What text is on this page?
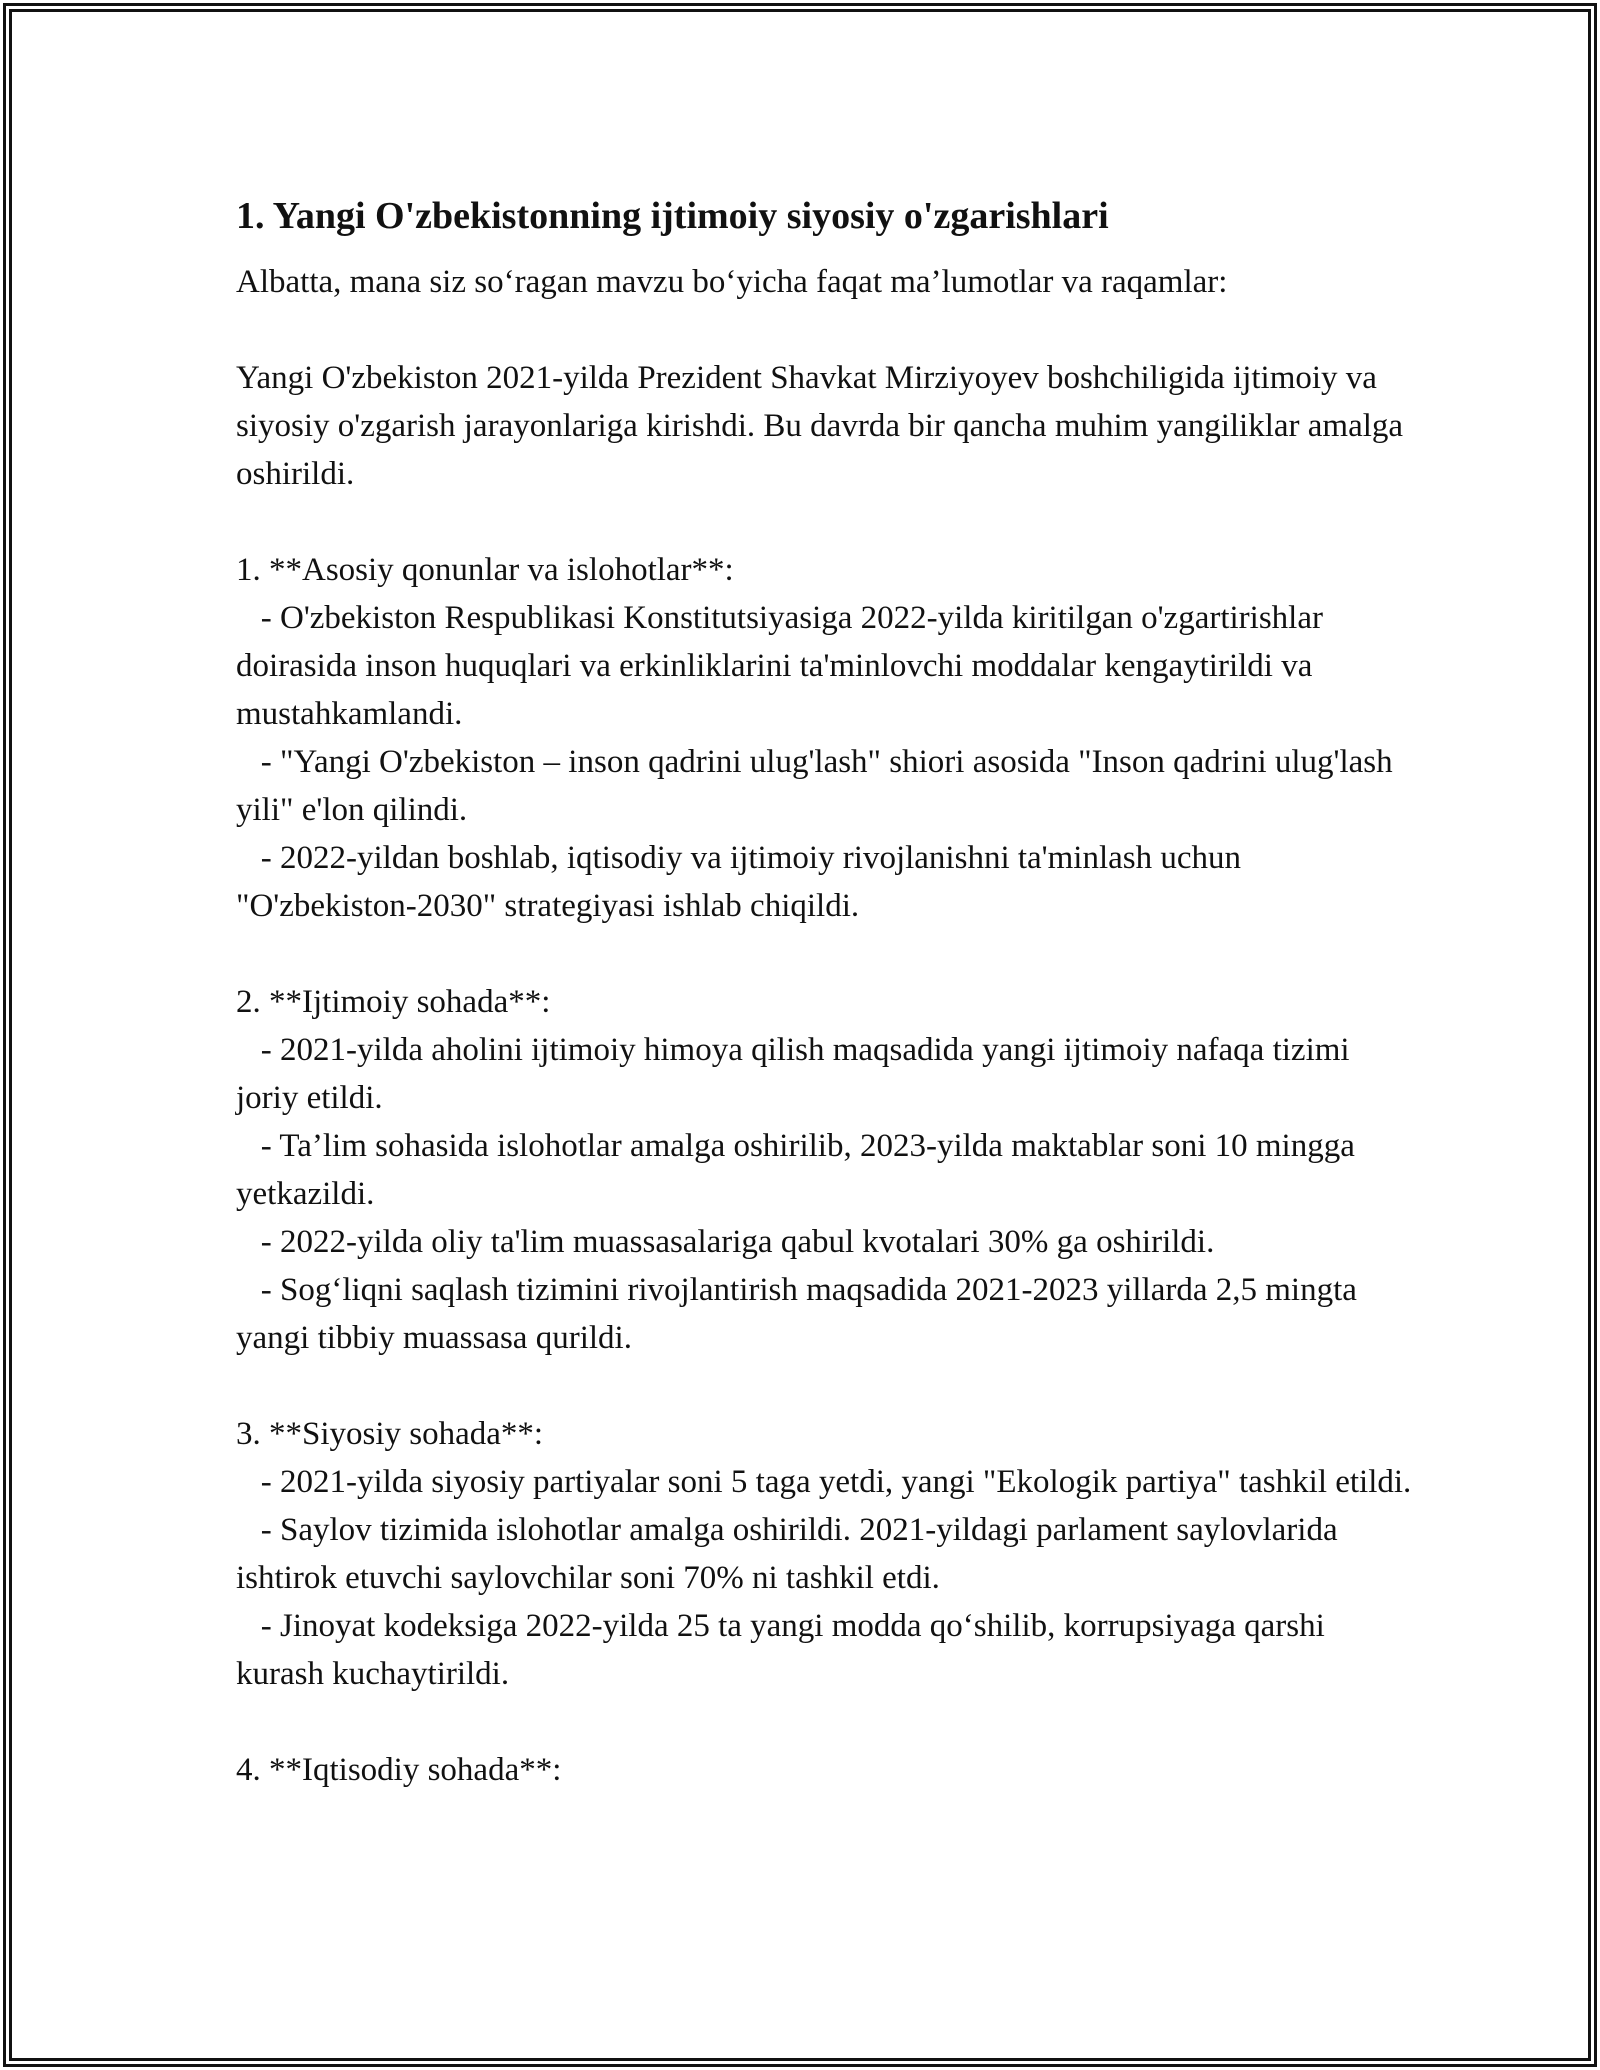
1. Yangi O'zbekistonning ijtimoiy siyosiy o'zgarishlari

Albatta, mana siz so‘ragan mavzu bo‘yicha faqat ma’lumotlar va raqamlar:

Yangi O'zbekiston 2021-yilda Prezident Shavkat Mirziyoyev boshchiligida ijtimoiy va siyosiy o'zgarish jarayonlariga kirishdi. Bu davrda bir qancha muhim yangiliklar amalga oshirildi.

1. **Asosiy qonunlar va islohotlar**:

- O'zbekiston Respublikasi Konstitutsiyasiga 2022-yilda kiritilgan o'zgartirishlar doirasida inson huquqlari va erkinliklarini ta'minlovchi moddalar kengaytirildi va mustahkamlandi.

- "Yangi O'zbekiston – inson qadrini ulug'lash" shiori asosida "Inson qadrini ulug'lash yili" e'lon qilindi.

- 2022-yildan boshlab, iqtisodiy va ijtimoiy rivojlanishni ta'minlash uchun "O'zbekiston-2030" strategiyasi ishlab chiqildi.

2. **Ijtimoiy sohada**:

- 2021-yilda aholini ijtimoiy himoya qilish maqsadida yangi ijtimoiy nafaqa tizimi joriy etildi.

- Ta’lim sohasida islohotlar amalga oshirilib, 2023-yilda maktablar soni 10 mingga yetkazildi.

- 2022-yilda oliy ta'lim muassasalariga qabul kvotalari 30% ga oshirildi.

- Sog‘liqni saqlash tizimini rivojlantirish maqsadida 2021-2023 yillarda 2,5 mingta yangi tibbiy muassasa qurildi.

3. **Siyosiy sohada**:

- 2021-yilda siyosiy partiyalar soni 5 taga yetdi, yangi "Ekologik partiya" tashkil etildi.

- Saylov tizimida islohotlar amalga oshirildi. 2021-yildagi parlament saylovlarida ishtirok etuvchi saylovchilar soni 70% ni tashkil etdi.

- Jinoyat kodeksiga 2022-yilda 25 ta yangi modda qo‘shilib, korrupsiyaga qarshi kurash kuchaytirildi.

4. **Iqtisodiy sohada**:
